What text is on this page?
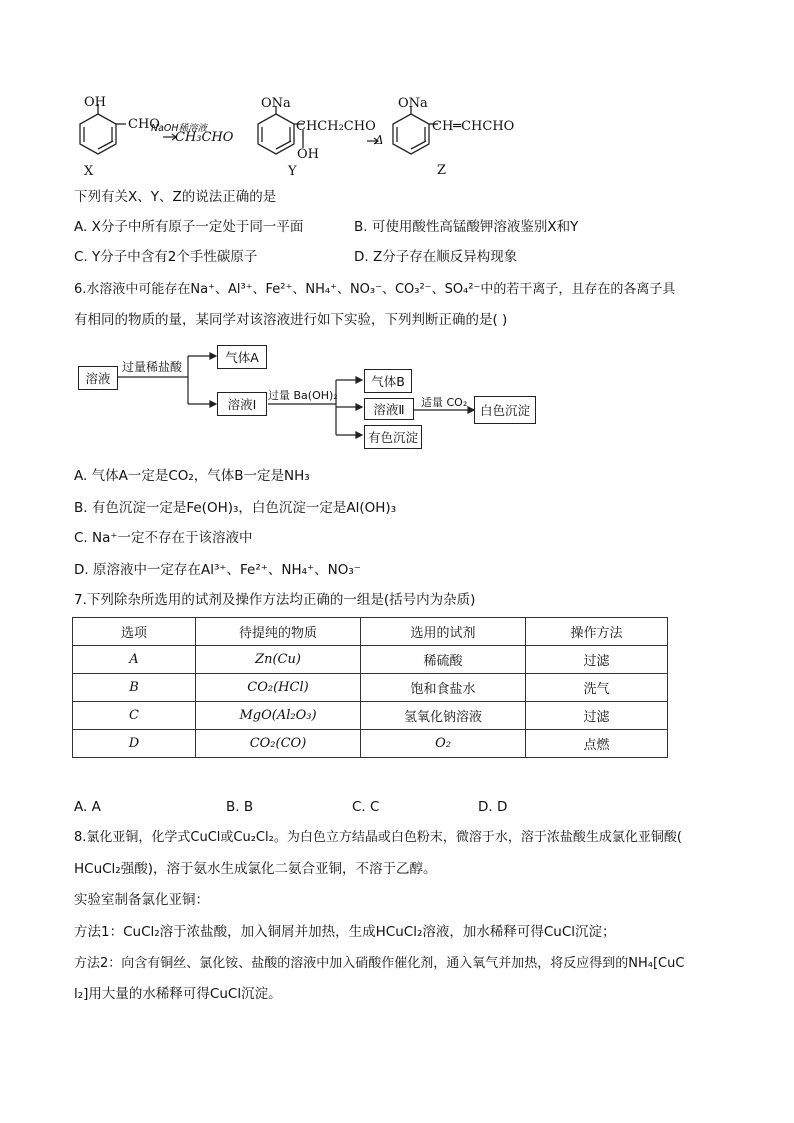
OH
CHO
NaOH稀溶液
CH₃CHO
ONa
CHCH₂CHO
OH
Δ
ONa
CH═CHCHO
X	Y	Z
下列有关X、Y、Z的说法正确的是
A. X分子中所有原子一定处于同一平面	B. 可使用酸性高锰酸钾溶液鉴别X和Y
C. Y分子中含有2个手性碳原子	D. Z分子存在顺反异构现象
6.水溶液中可能存在Na⁺、Al³⁺、Fe²⁺、NH₄⁺、NO₃⁻、CO₃²⁻、SO₄²⁻中的若干离子，且存在的各离子具
有相同的物质的量，某同学对该溶液进行如下实验，下列判断正确的是( )
溶液
过量稀盐酸
气体A
溶液Ⅰ
过量 Ba(OH)₂
气体B
溶液Ⅱ
有色沉淀
适量 CO₂
白色沉淀
A. 气体A一定是CO₂，气体B一定是NH₃
B. 有色沉淀一定是Fe(OH)₃，白色沉淀一定是Al(OH)₃
C. Na⁺一定不存在于该溶液中
D. 原溶液中一定存在Al³⁺、Fe²⁺、NH₄⁺、NO₃⁻
7.下列除杂所选用的试剂及操作方法均正确的一组是(括号内为杂质)
选项	待提纯的物质	选用的试剂	操作方法
A	Zn(Cu)	稀硫酸	过滤
B	CO₂(HCl)	饱和食盐水	洗气
C	MgO(Al₂O₃)	氢氧化钠溶液	过滤
D	CO₂(CO)	O₂	点燃
A. A	B. B	C. C	D. D
8.氯化亚铜，化学式CuCl或Cu₂Cl₂。为白色立方结晶或白色粉末，微溶于水，溶于浓盐酸生成氯化亚铜酸(
HCuCl₂强酸)，溶于氨水生成氯化二氨合亚铜，不溶于乙醇。
实验室制备氯化亚铜：
方法1：CuCl₂溶于浓盐酸，加入铜屑并加热，生成HCuCl₂溶液，加水稀释可得CuCl沉淀；
方法2：向含有铜丝、氯化铵、盐酸的溶液中加入硝酸作催化剂，通入氧气并加热，将反应得到的NH₄[CuC
l₂]用大量的水稀释可得CuCl沉淀。
